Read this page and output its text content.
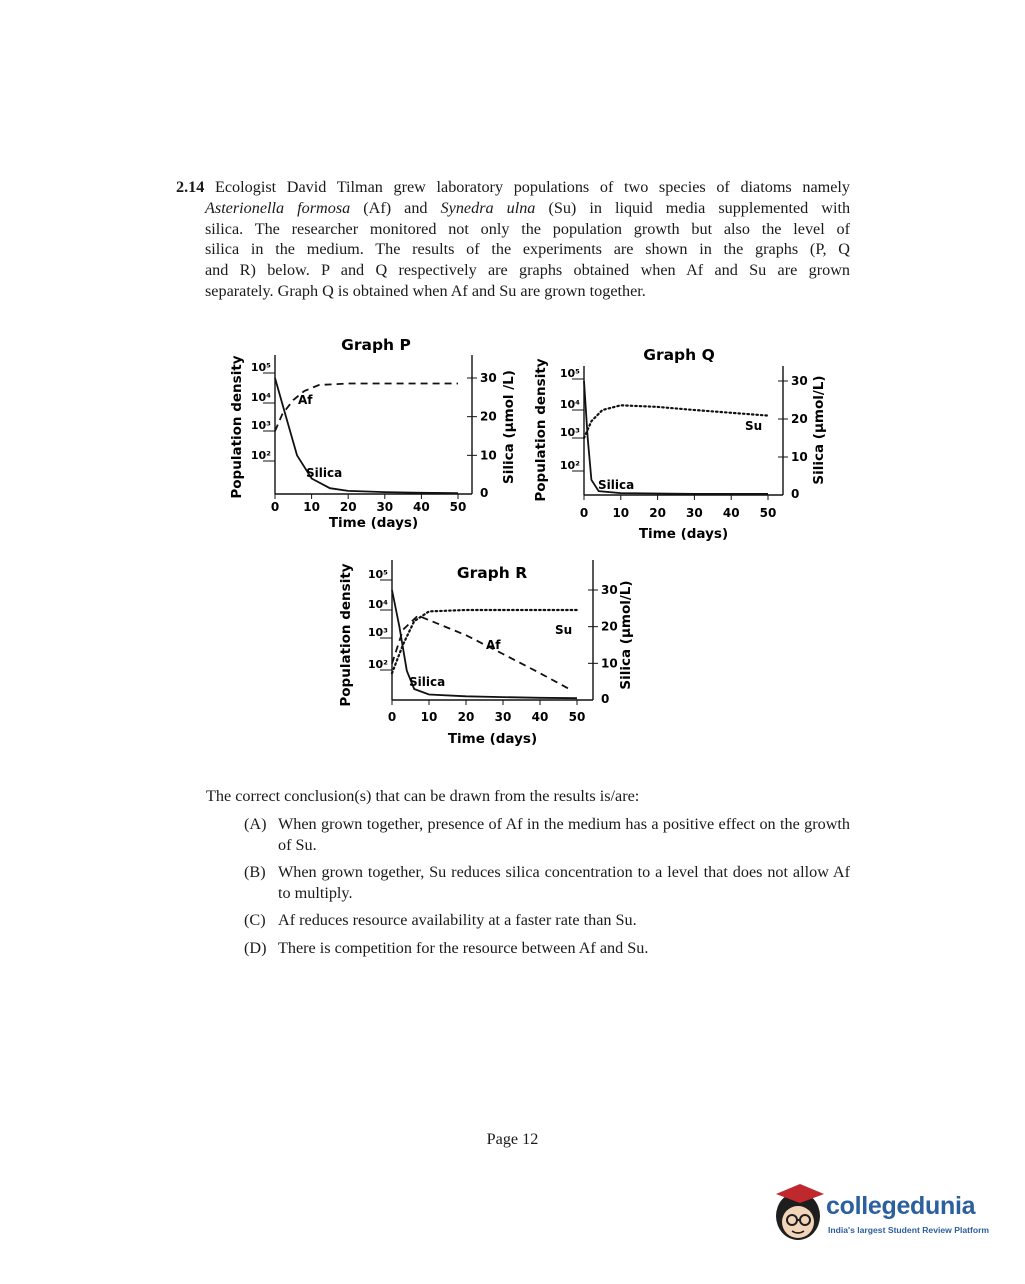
2.14 Ecologist David Tilman grew laboratory populations of two species of diatoms namely
Asterionella formosa (Af) and Synedra ulna (Su) in liquid media supplemented with
silica. The researcher monitored not only the population growth but also the level of
silica in the medium. The results of the experiments are shown in the graphs (P, Q
and R) below. P and Q respectively are graphs obtained when Af and Su are grown
separately. Graph Q is obtained when Af and Su are grown together.
Graph P
0 10 20 30 40 50
10²
10³
10⁴
10⁵
0
10
20
30
Time (days)
Population density	Silica (μmol /L)
Af
Silica
Graph Q
0 10 20 30 40 50
10²
10³
10⁴
10⁵
0
10
20
30
Time (days)
Population density	Silica (μmol/L)
Su
Silica
Graph R
0 10 20 30 40 50
10²
10³
10⁴
10⁵
0
10
20
30
Time (days)
Population density	Silica (μmol/L)
Af
Su
Silica
The correct conclusion(s) that can be drawn from the results is/are:
(A) When grown together, presence of Af in the medium has a positive effect on the growth of Su.
(B) When grown together, Su reduces silica concentration to a level that does not allow Af to multiply.
(C) Af reduces resource availability at a faster rate than Su.
(D) There is competition for the resource between Af and Su.
Page 12
collegedunia
India's largest Student Review Platform
